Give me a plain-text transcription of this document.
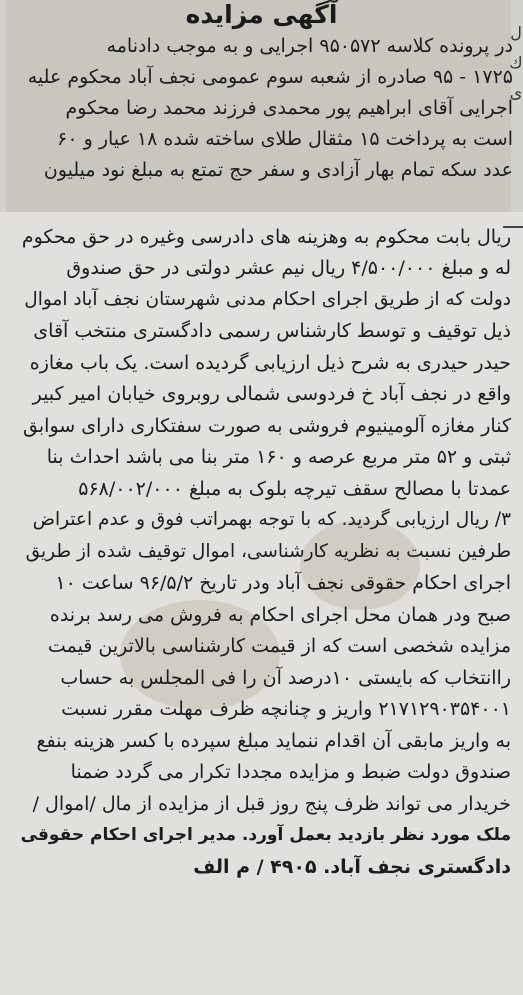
آگهی مزایده
ل
ك
ى
در پرونده کلاسه ۹۵۰۵۷۲ اجرایی و به موجب دادنامه
۱۷۲۵ - ۹۵ صادره از شعبه سوم عمومی نجف آباد محکوم علیه
اجرایی آقای ابراهیم پور محمدی فرزند محمد رضا محکوم
است به پرداخت ۱۵ مثقال طلای ساخته شده ۱۸ عیار و ۶۰
عدد سکه تمام بهار آزادی و سفر حج تمتع به مبلغ نود میلیون
ریال بابت محکوم به وهزینه های دادرسی وغیره در حق محکوم
له و مبلغ ۴/۵۰۰/۰۰۰ ریال نیم عشر دولتی در حق صندوق
دولت که از طریق اجرای احکام مدنی شهرستان نجف آباد اموال
ذیل توقیف و توسط کارشناس رسمی دادگستری منتخب آقای
حیدر حیدری به شرح ذیل ارزیابی گردیده است. یک باب مغازه
واقع در نجف آباد خ فردوسی شمالی روبروی خیابان امیر کبیر
کنار مغازه آلومینیوم فروشی به صورت سفتکاری دارای سوابق
ثبتی و ۵۲ متر مربع عرصه و ۱۶۰ متر بنا می باشد احداث بنا
عمدتا با مصالح سقف تیرچه بلوک به مبلغ ۵۶۸/۰۰۲/۰۰۰
۳/ ریال ارزیابی گردید. که با توجه بهمراتب فوق و عدم اعتراض
طرفین نسبت به نظریه کارشناسی، اموال توقیف شده از طریق
اجرای احکام حقوقی نجف آباد ودر تاریخ ۹۶/۵/۲ ساعت ۱۰
صبح ودر همان محل اجرای احکام به فروش می رسد برنده
مزایده شخصی است که از قیمت کارشناسی بالاترین قیمت
راانتخاب که بایستی ۱۰درصد آن را فی المجلس به حساب
۲۱۷۱۲۹۰۳۵۴۰۰۱ واریز و چنانچه ظرف مهلت مقرر نسبت
به واریز مابقی آن اقدام ننماید مبلغ سپرده با کسر هزینه بنفع
صندوق دولت ضبط و مزایده مجددا تکرار می گردد ضمنا
خریدار می تواند ظرف پنج روز قبل از مزایده از مال /اموال /
ملک مورد نظر بازدید بعمل آورد. مدیر اجرای احکام حقوقی
دادگستری نجف آباد. ۴۹۰۵ / م الف
